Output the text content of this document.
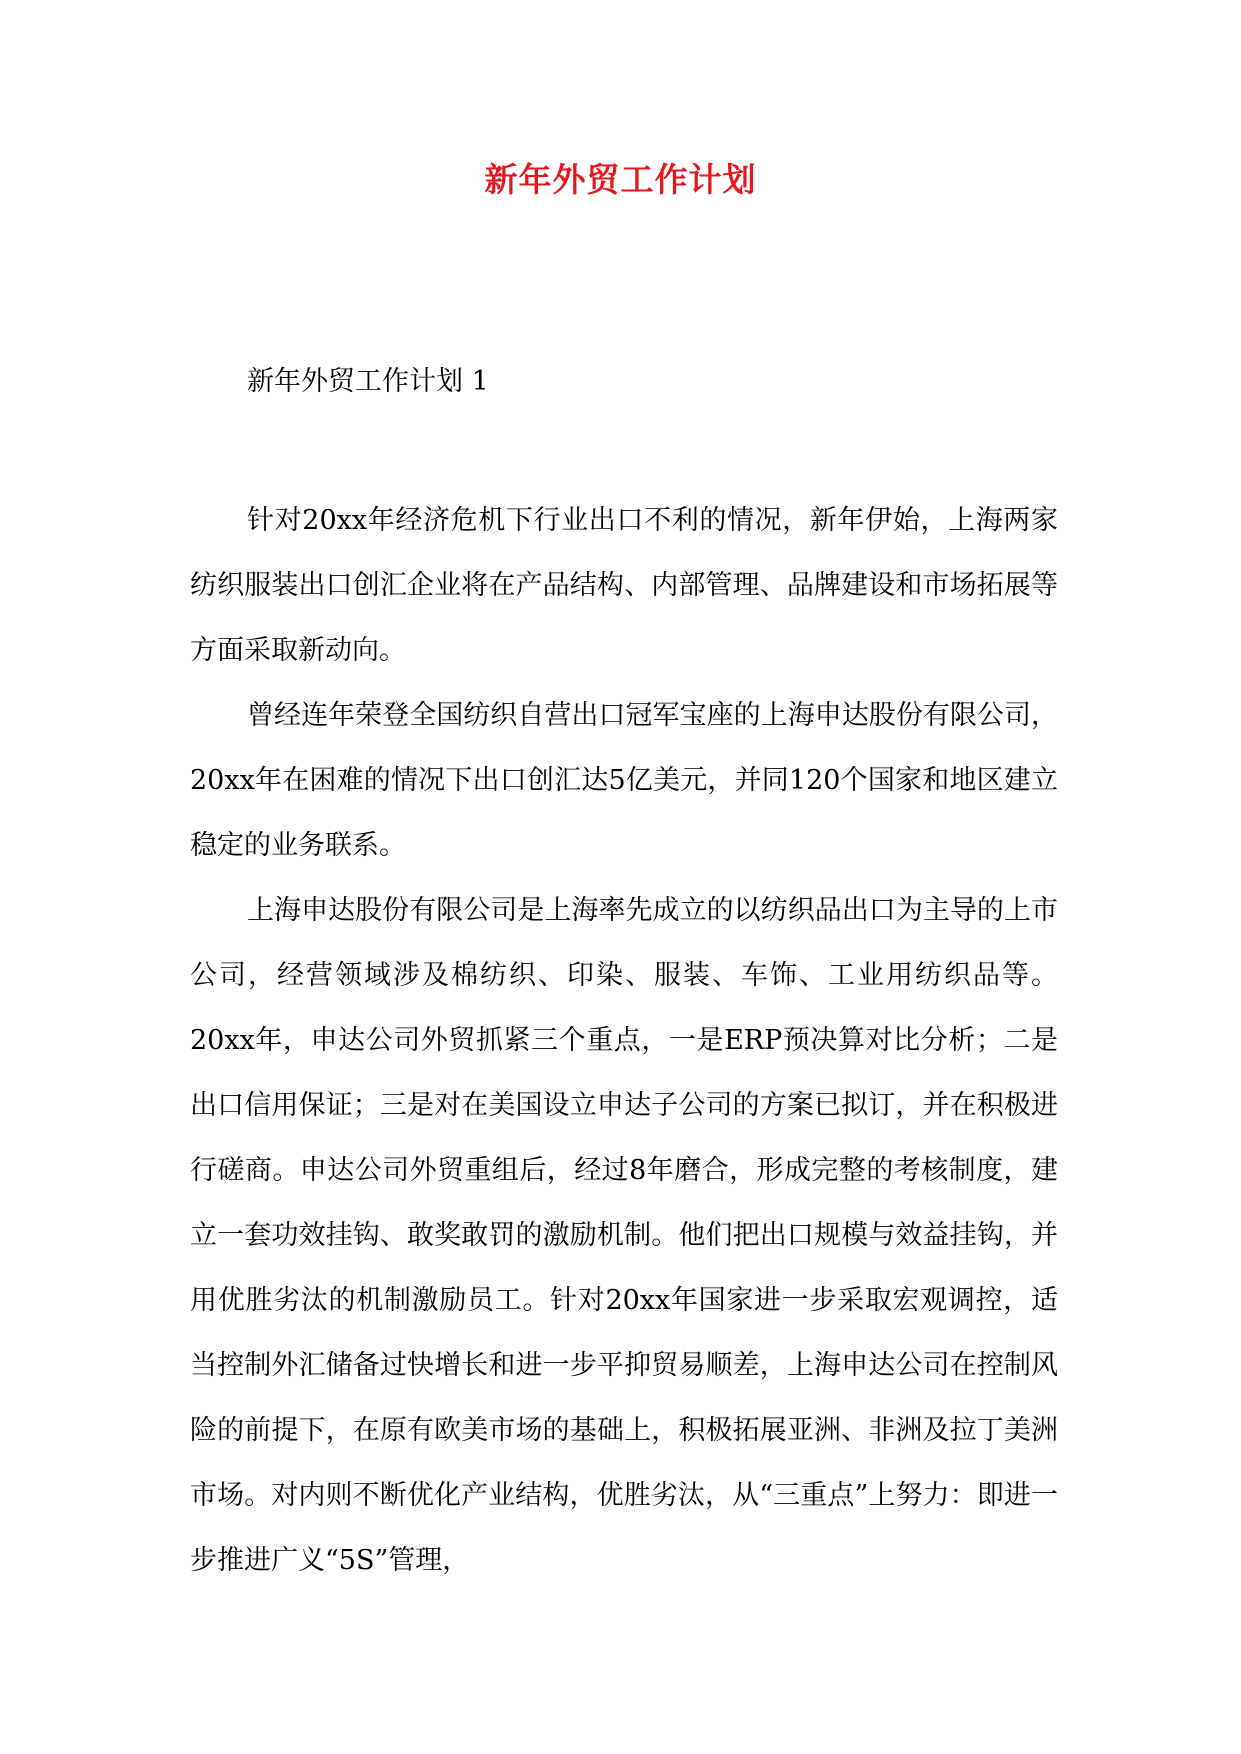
新年外贸工作计划
新年外贸工作计划 1

针对20xx年经济危机下行业出口不利的情况，新年伊始，上海两家纺织服装出口创汇企业将在产品结构、内部管理、品牌建设和市场拓展等方面采取新动向。

曾经连年荣登全国纺织自营出口冠军宝座的上海申达股份有限公司，20xx年在困难的情况下出口创汇达5亿美元，并同120个国家和地区建立稳定的业务联系。

上海申达股份有限公司是上海率先成立的以纺织品出口为主导的上市公司，经营领域涉及棉纺织、印染、服装、车饰、工业用纺织品等。20xx年，申达公司外贸抓紧三个重点，一是ERP预决算对比分析；二是出口信用保证；三是对在美国设立申达子公司的方案已拟订，并在积极进行磋商。申达公司外贸重组后，经过8年磨合，形成完整的考核制度，建立一套功效挂钩、敢奖敢罚的激励机制。他们把出口规模与效益挂钩，并用优胜劣汰的机制激励员工。针对20xx年国家进一步采取宏观调控，适当控制外汇储备过快增长和进一步平抑贸易顺差，上海申达公司在控制风险的前提下，在原有欧美市场的基础上，积极拓展亚洲、非洲及拉丁美洲市场。对内则不断优化产业结构，优胜劣汰，从“三重点”上努力：即进一步推进广义“5S”管理，
